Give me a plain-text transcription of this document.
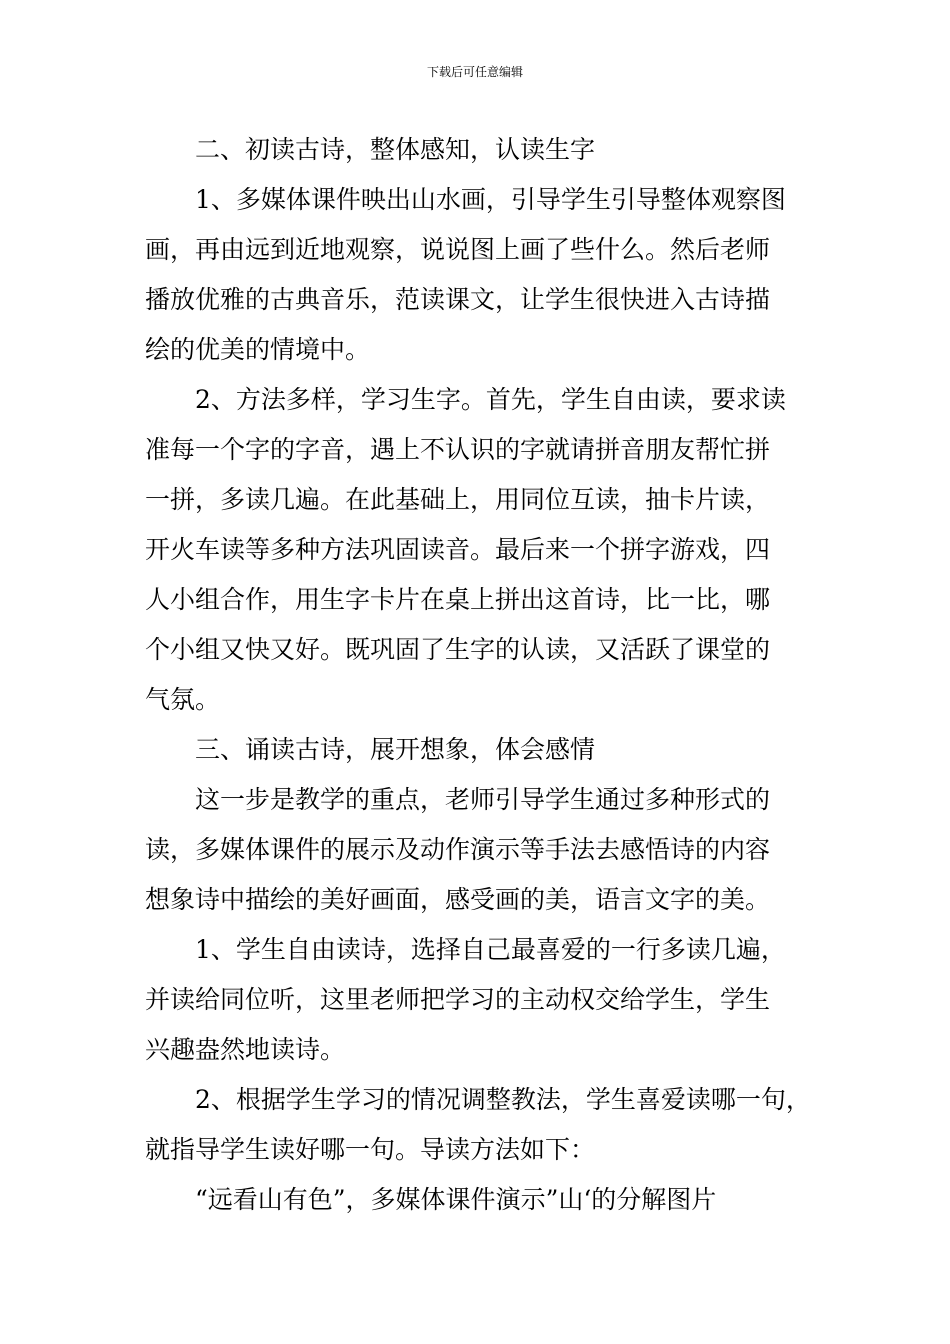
下载后可任意编辑
二、初读古诗，整体感知，认读生字
1、多媒体课件映出山水画，引导学生引导整体观察图
画，再由远到近地观察，说说图上画了些什么。然后老师
播放优雅的古典音乐，范读课文，让学生很快进入古诗描
绘的优美的情境中。
2、方法多样，学习生字。首先，学生自由读，要求读
准每一个字的字音，遇上不认识的字就请拼音朋友帮忙拼
一拼，多读几遍。在此基础上，用同位互读，抽卡片读，
开火车读等多种方法巩固读音。最后来一个拼字游戏，四
人小组合作，用生字卡片在桌上拼出这首诗，比一比，哪
个小组又快又好。既巩固了生字的认读，又活跃了课堂的
气氛。
三、诵读古诗，展开想象，体会感情
这一步是教学的重点，老师引导学生通过多种形式的
读，多媒体课件的展示及动作演示等手法去感悟诗的内容
想象诗中描绘的美好画面，感受画的美，语言文字的美。
1、学生自由读诗，选择自己最喜爱的一行多读几遍，
并读给同位听，这里老师把学习的主动权交给学生，学生
兴趣盎然地读诗。
2、根据学生学习的情况调整教法，学生喜爱读哪一句，
就指导学生读好哪一句。导读方法如下：
“远看山有色”，多媒体课件演示”山‘的分解图片
